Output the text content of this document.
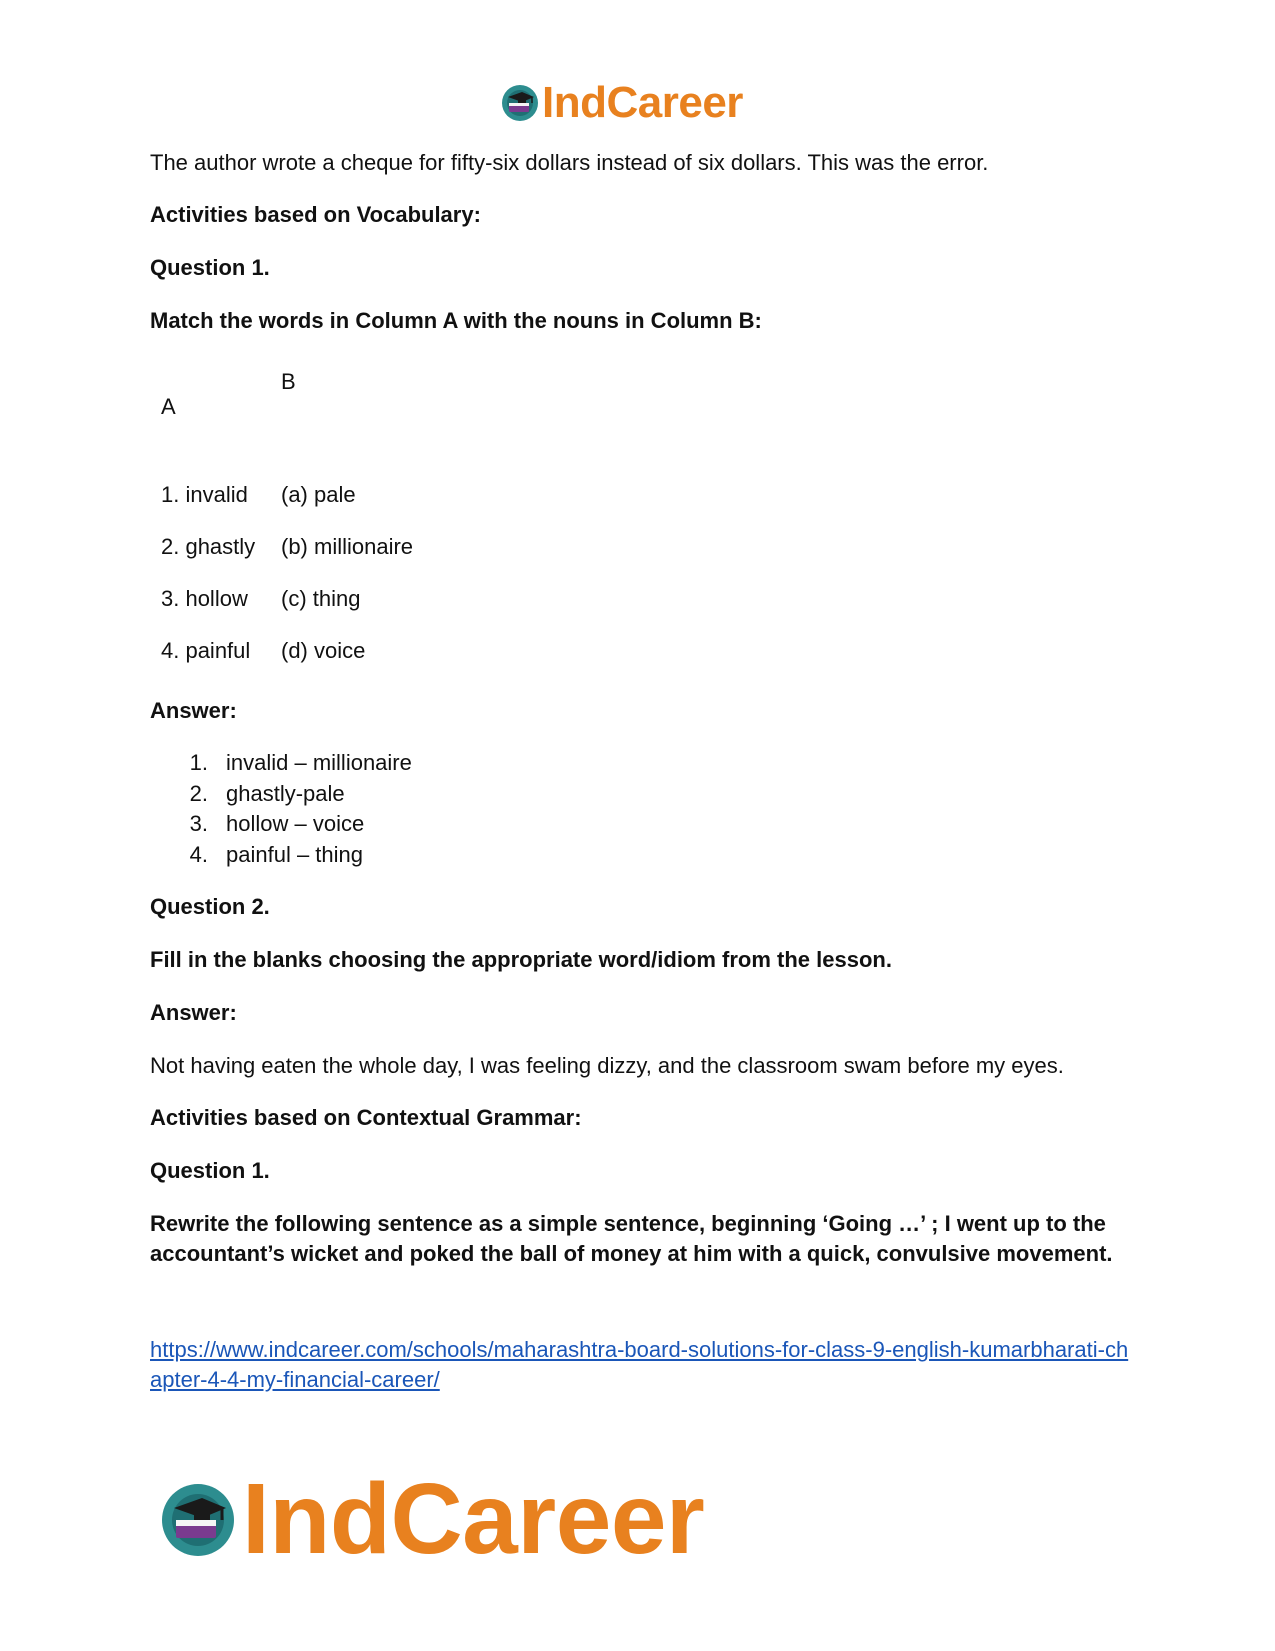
IndCareer

The author wrote a cheque for fifty-six dollars instead of six dollars. This was the error.

Activities based on Vocabulary:

Question 1.

Match the words in Column A with the nouns in Column B:

A
B
1. invalid	(a) pale
2. ghastly	(b) millionaire
3. hollow	(c) thing
4. painful	(d) voice

Answer:

1. invalid – millionaire
2. ghastly-pale
3. hollow – voice
4. painful – thing

Question 2.

Fill in the blanks choosing the appropriate word/idiom from the lesson.

Answer:

Not having eaten the whole day, I was feeling dizzy, and the classroom swam before my eyes.

Activities based on Contextual Grammar:

Question 1.

Rewrite the following sentence as a simple sentence, beginning ‘Going …’ ; I went up to the accountant’s wicket and poked the ball of money at him with a quick, convulsive movement.

https://www.indcareer.com/schools/maharashtra-board-solutions-for-class-9-english-kumarbharati-chapter-4-4-my-financial-career/
IndCareer
